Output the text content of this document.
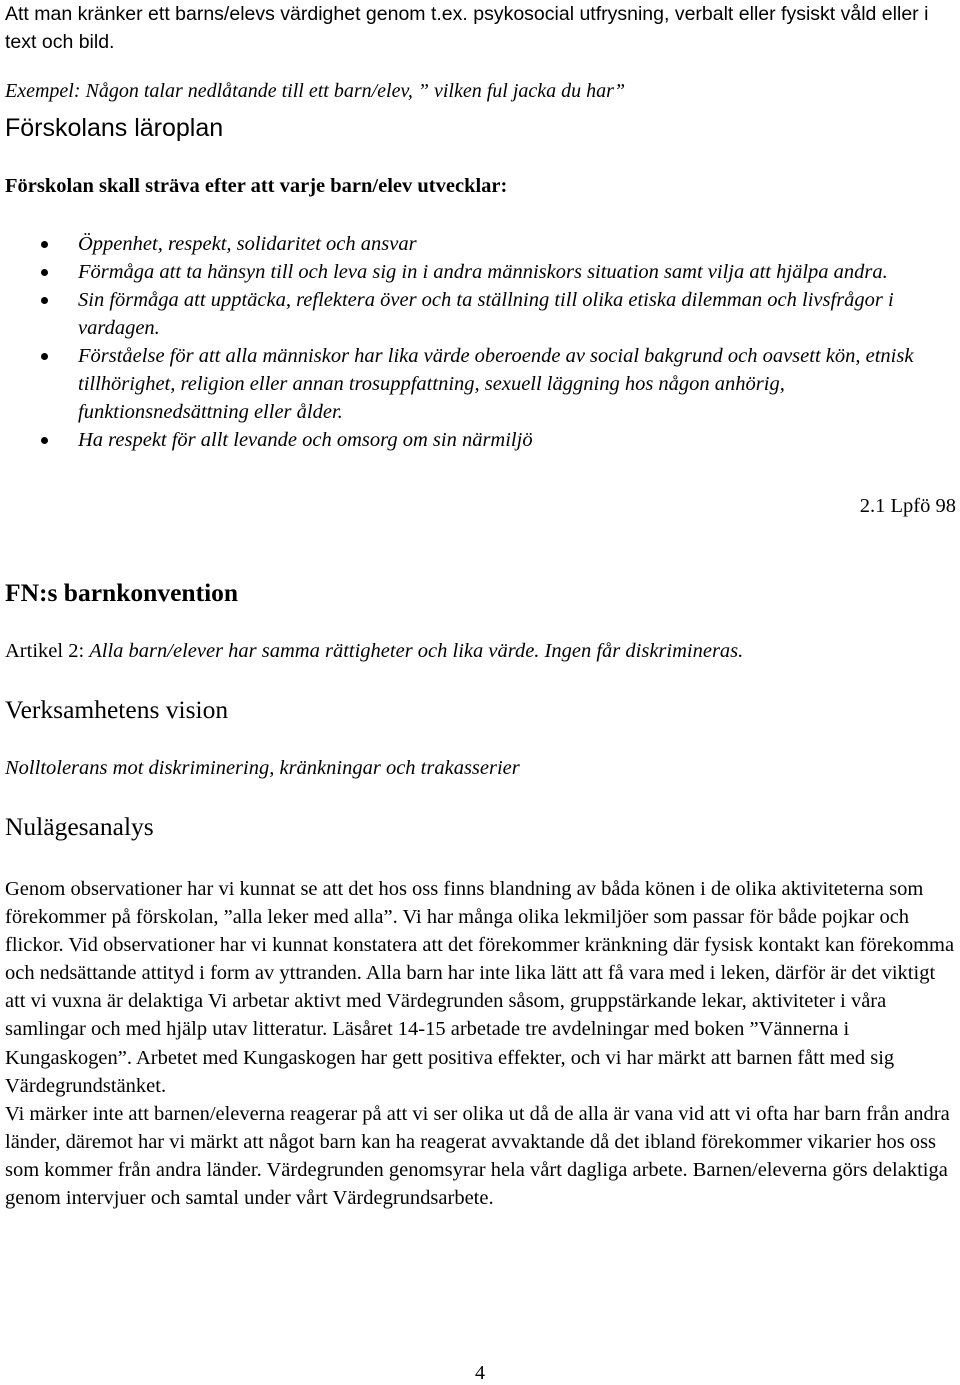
Att man kränker ett barns/elevs värdighet genom t.ex. psykosocial utfrysning, verbalt eller fysiskt våld eller i text och bild.
Exempel: Någon talar nedlåtande till ett barn/elev, ” vilken ful jacka du har”
Förskolans läroplan
Förskolan skall sträva efter att varje barn/elev utvecklar:
Öppenhet, respekt, solidaritet och ansvar
Förmåga att ta hänsyn till och leva sig in i andra människors situation samt vilja att hjälpa andra.
Sin förmåga att upptäcka, reflektera över och ta ställning till olika etiska dilemman och livsfrågor i vardagen.
Förståelse för att alla människor har lika värde oberoende av social bakgrund och oavsett kön, etnisk tillhörighet, religion eller annan trosuppfattning, sexuell läggning hos någon anhörig, funktionsnedsättning eller ålder.
Ha respekt för allt levande och omsorg om sin närmiljö
2.1 Lpfö 98
FN:s barnkonvention
Artikel 2: Alla barn/elever har samma rättigheter och lika värde. Ingen får diskrimineras.
Verksamhetens vision
Nolltolerans mot diskriminering, kränkningar och trakasserier
Nulägesanalys

Genom observationer har vi kunnat se att det hos oss finns blandning av båda könen i de olika aktiviteterna som förekommer på förskolan, ”alla leker med alla”. Vi har många olika lekmiljöer som passar för både pojkar och flickor. Vid observationer har vi kunnat konstatera att det förekommer kränkning där fysisk kontakt kan förekomma och nedsättande attityd i form av yttranden. Alla barn har inte lika lätt att få vara med i leken, därför är det viktigt att vi vuxna är delaktiga Vi arbetar aktivt med Värdegrunden såsom, gruppstärkande lekar, aktiviteter i våra samlingar och med hjälp utav litteratur. Läsåret 14-15 arbetade tre avdelningar med boken ”Vännerna i Kungaskogen”. Arbetet med Kungaskogen har gett positiva effekter, och vi har märkt att barnen fått med sig Värdegrundstänket.

Vi märker inte att barnen/eleverna reagerar på att vi ser olika ut då de alla är vana vid att vi ofta har barn från andra länder, däremot har vi märkt att något barn kan ha reagerat avvaktande då det ibland förekommer vikarier hos oss som kommer från andra länder. Värdegrunden genomsyrar hela vårt dagliga arbete. Barnen/eleverna görs delaktiga genom intervjuer och samtal under vårt Värdegrundsarbete.

4
